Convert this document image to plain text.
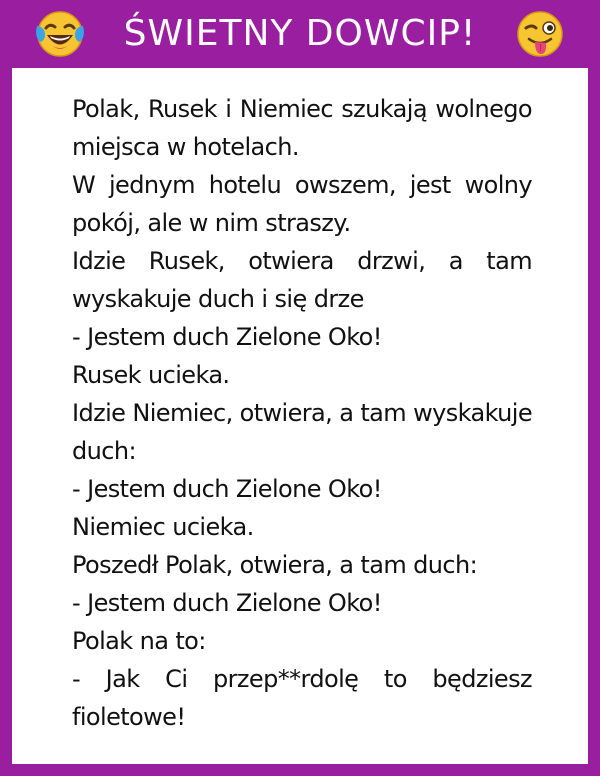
ŚWIETNY DOWCIP!

Polak, Rusek i Niemiec szukają wolnego miejsca w hotelach.

W jednym hotelu owszem, jest wolny pokój, ale w nim straszy.

Idzie Rusek, otwiera drzwi, a tam wyskakuje duch i się drze

- Jestem duch Zielone Oko!

Rusek ucieka.

Idzie Niemiec, otwiera, a tam wyskakuje duch:

- Jestem duch Zielone Oko!

Niemiec ucieka.

Poszedł Polak, otwiera, a tam duch:

- Jestem duch Zielone Oko!

Polak na to:

- Jak Ci przep**rdolę to będziesz fioletowe!
